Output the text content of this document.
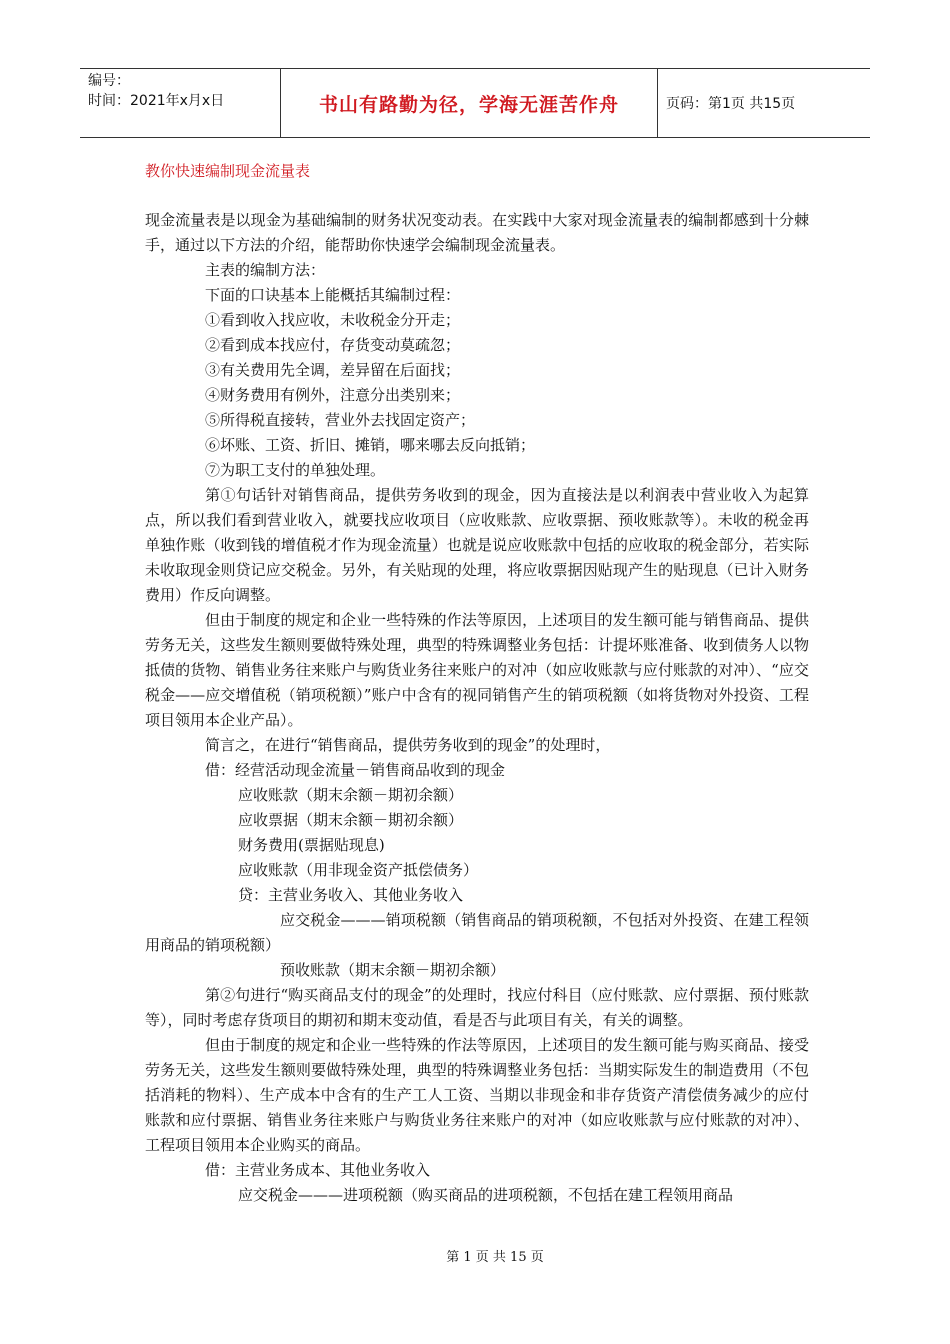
编号：
时间：2021年x月x日	书山有路勤为径，学海无涯苦作舟	页码：第1页 共15页
教你快速编制现金流量表

现金流量表是以现金为基础编制的财务状况变动表。在实践中大家对现金流量表的编制都感到十分棘手，通过以下方法的介绍，能帮助你快速学会编制现金流量表。

主表的编制方法：

下面的口诀基本上能概括其编制过程：

①看到收入找应收，未收税金分开走；

②看到成本找应付，存货变动莫疏忽；

③有关费用先全调，差异留在后面找；

④财务费用有例外，注意分出类别来；

⑤所得税直接转，营业外去找固定资产；

⑥坏账、工资、折旧、摊销，哪来哪去反向抵销；

⑦为职工支付的单独处理。

第①句话针对销售商品，提供劳务收到的现金，因为直接法是以利润表中营业收入为起算点，所以我们看到营业收入，就要找应收项目（应收账款、应收票据、预收账款等）。未收的税金再单独作账（收到钱的增值税才作为现金流量）也就是说应收账款中包括的应收取的税金部分，若实际未收取现金则贷记应交税金。另外，有关贴现的处理，将应收票据因贴现产生的贴现息（已计入财务费用）作反向调整。

但由于制度的规定和企业一些特殊的作法等原因，上述项目的发生额可能与销售商品、提供劳务无关，这些发生额则要做特殊处理，典型的特殊调整业务包括：计提坏账准备、收到债务人以物抵债的货物、销售业务往来账户与购货业务往来账户的对冲（如应收账款与应付账款的对冲）、“应交税金——应交增值税（销项税额）”账户中含有的视同销售产生的销项税额（如将货物对外投资、工程项目领用本企业产品）。

简言之，在进行“销售商品，提供劳务收到的现金”的处理时，

借：经营活动现金流量－销售商品收到的现金

应收账款（期末余额－期初余额）

应收票据（期末余额－期初余额）

财务费用(票据贴现息)

应收账款（用非现金资产抵偿债务）

贷：主营业务收入、其他业务收入

应交税金———销项税额（销售商品的销项税额，不包括对外投资、在建工程领用商品的销项税额）

预收账款（期末余额－期初余额）

第②句进行“购买商品支付的现金”的处理时，找应付科目（应付账款、应付票据、预付账款等），同时考虑存货项目的期初和期末变动值，看是否与此项目有关，有关的调整。

但由于制度的规定和企业一些特殊的作法等原因，上述项目的发生额可能与购买商品、接受劳务无关，这些发生额则要做特殊处理，典型的特殊调整业务包括：当期实际发生的制造费用（不包括消耗的物料）、生产成本中含有的生产工人工资、当期以非现金和非存货资产清偿债务减少的应付账款和应付票据、销售业务往来账户与购货业务往来账户的对冲（如应收账款与应付账款的对冲）、工程项目领用本企业购买的商品。

借：主营业务成本、其他业务收入

应交税金———进项税额（购买商品的进项税额，不包括在建工程领用商品

第 1 页 共 15 页
